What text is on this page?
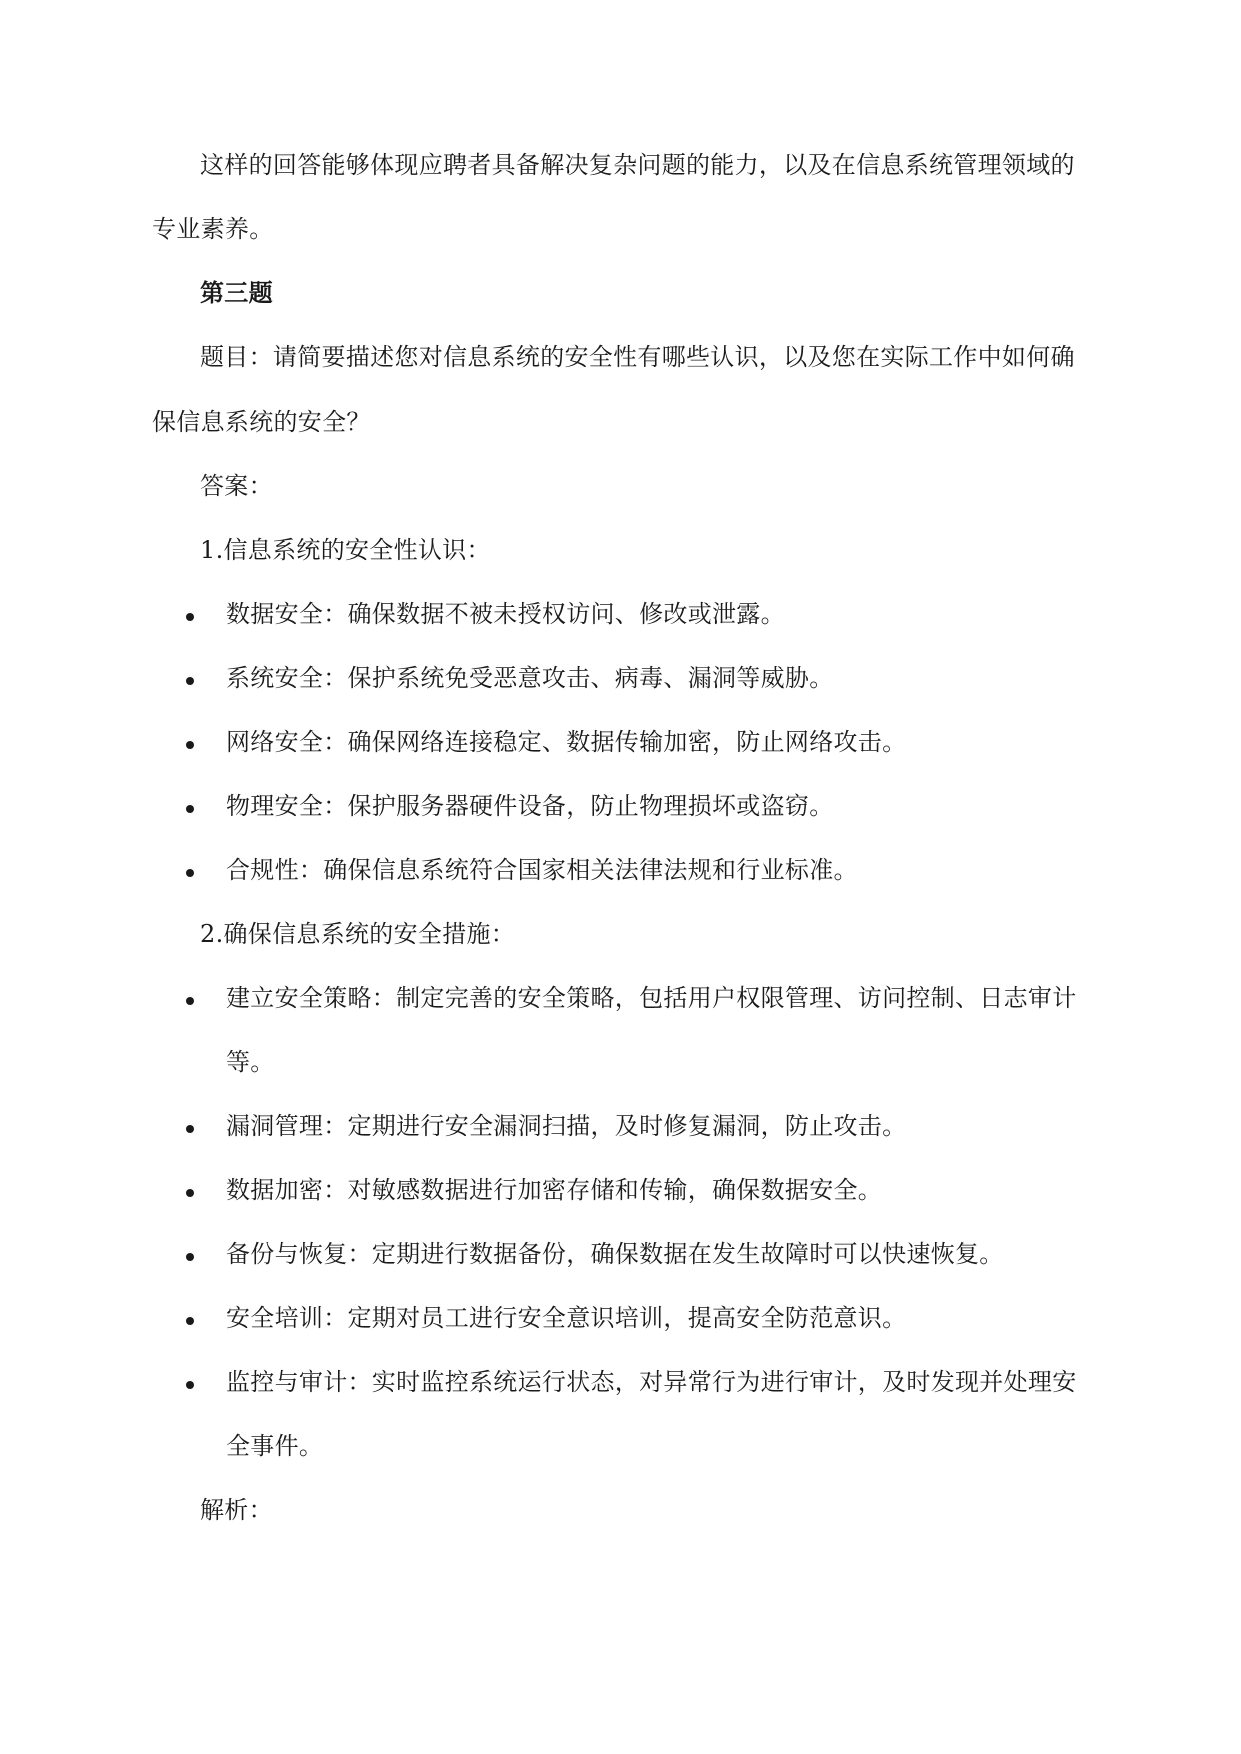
这样的回答能够体现应聘者具备解决复杂问题的能力，以及在信息系统管理领域的
专业素养。
第三题
题目：请简要描述您对信息系统的安全性有哪些认识，以及您在实际工作中如何确
保信息系统的安全？
答案：
1.信息系统的安全性认识：
数据安全：确保数据不被未授权访问、修改或泄露。
系统安全：保护系统免受恶意攻击、病毒、漏洞等威胁。
网络安全：确保网络连接稳定、数据传输加密，防止网络攻击。
物理安全：保护服务器硬件设备，防止物理损坏或盗窃。
合规性：确保信息系统符合国家相关法律法规和行业标准。
2.确保信息系统的安全措施：
建立安全策略：制定完善的安全策略，包括用户权限管理、访问控制、日志审计
等。
漏洞管理：定期进行安全漏洞扫描，及时修复漏洞，防止攻击。
数据加密：对敏感数据进行加密存储和传输，确保数据安全。
备份与恢复：定期进行数据备份，确保数据在发生故障时可以快速恢复。
安全培训：定期对员工进行安全意识培训，提高安全防范意识。
监控与审计：实时监控系统运行状态，对异常行为进行审计，及时发现并处理安
全事件。
解析：
